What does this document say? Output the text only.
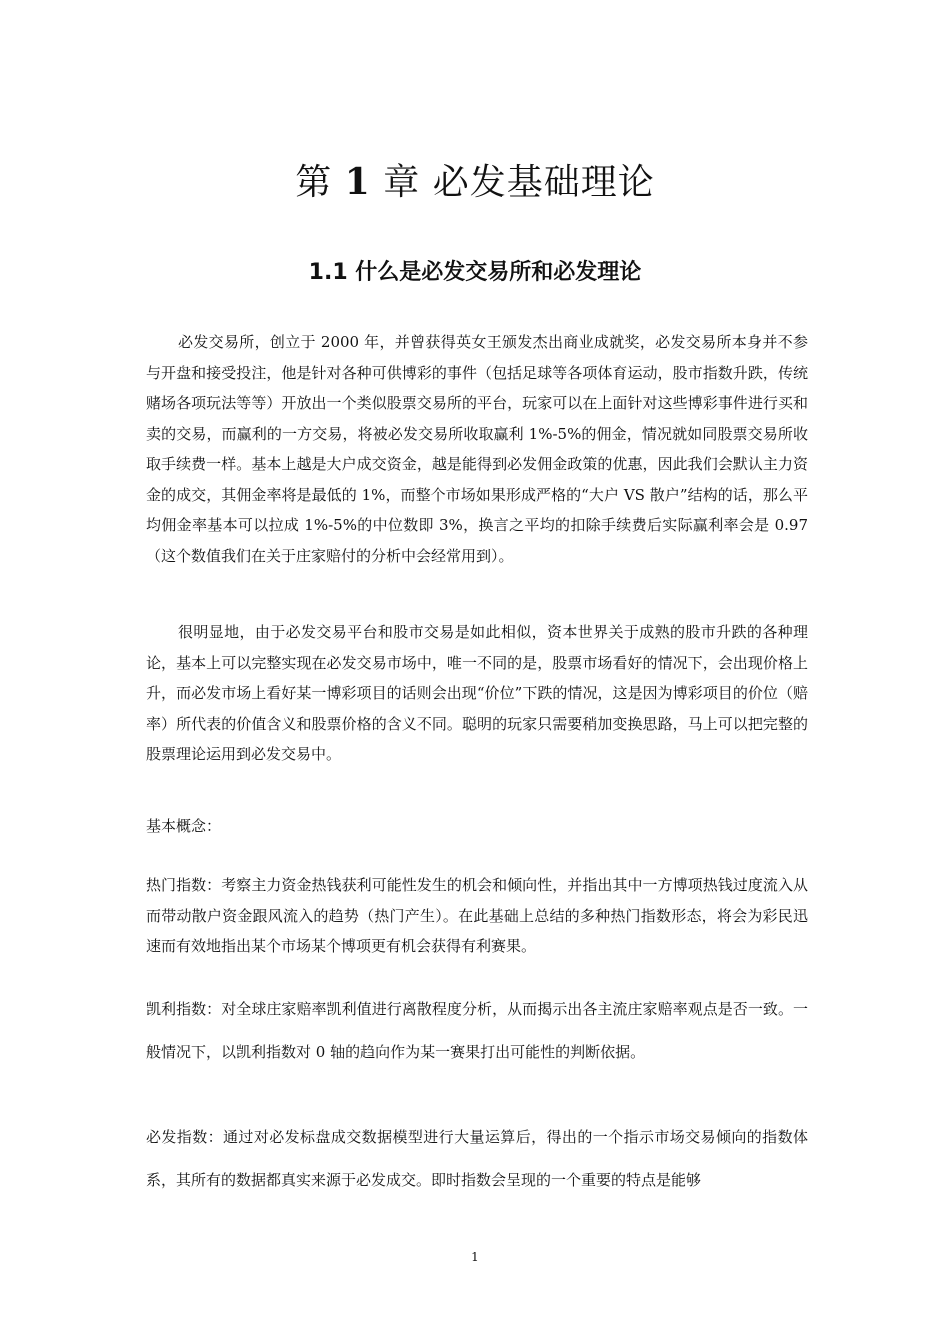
第 1 章 必发基础理论
1.1 什么是必发交易所和必发理论

必发交易所，创立于 2000 年，并曾获得英女王颁发杰出商业成就奖，必发交易所本身并不参与开盘和接受投注，他是针对各种可供博彩的事件（包括足球等各项体育运动，股市指数升跌，传统赌场各项玩法等等）开放出一个类似股票交易所的平台，玩家可以在上面针对这些博彩事件进行买和卖的交易，而赢利的一方交易，将被必发交易所收取赢利 1%-5%的佣金，情况就如同股票交易所收取手续费一样。基本上越是大户成交资金，越是能得到必发佣金政策的优惠，因此我们会默认主力资金的成交，其佣金率将是最低的 1%，而整个市场如果形成严格的“大户 VS 散户”结构的话，那么平均佣金率基本可以拉成 1%-5%的中位数即 3%，换言之平均的扣除手续费后实际赢利率会是 0.97（这个数值我们在关于庄家赔付的分析中会经常用到）。

很明显地，由于必发交易平台和股市交易是如此相似，资本世界关于成熟的股市升跌的各种理论，基本上可以完整实现在必发交易市场中，唯一不同的是，股票市场看好的情况下，会出现价格上升，而必发市场上看好某一博彩项目的话则会出现“价位”下跌的情况，这是因为博彩项目的价位（赔率）所代表的价值含义和股票价格的含义不同。聪明的玩家只需要稍加变换思路，马上可以把完整的股票理论运用到必发交易中。

基本概念：

热门指数：考察主力资金热钱获利可能性发生的机会和倾向性，并指出其中一方博项热钱过度流入从而带动散户资金跟风流入的趋势（热门产生）。在此基础上总结的多种热门指数形态，将会为彩民迅速而有效地指出某个市场某个博项更有机会获得有利赛果。

凯利指数：对全球庄家赔率凯利值进行离散程度分析，从而揭示出各主流庄家赔率观点是否一致。一般情况下，以凯利指数对 0 轴的趋向作为某一赛果打出可能性的判断依据。

必发指数：通过对必发标盘成交数据模型进行大量运算后，得出的一个指示市场交易倾向的指数体系，其所有的数据都真实来源于必发成交。即时指数会呈现的一个重要的特点是能够

1
